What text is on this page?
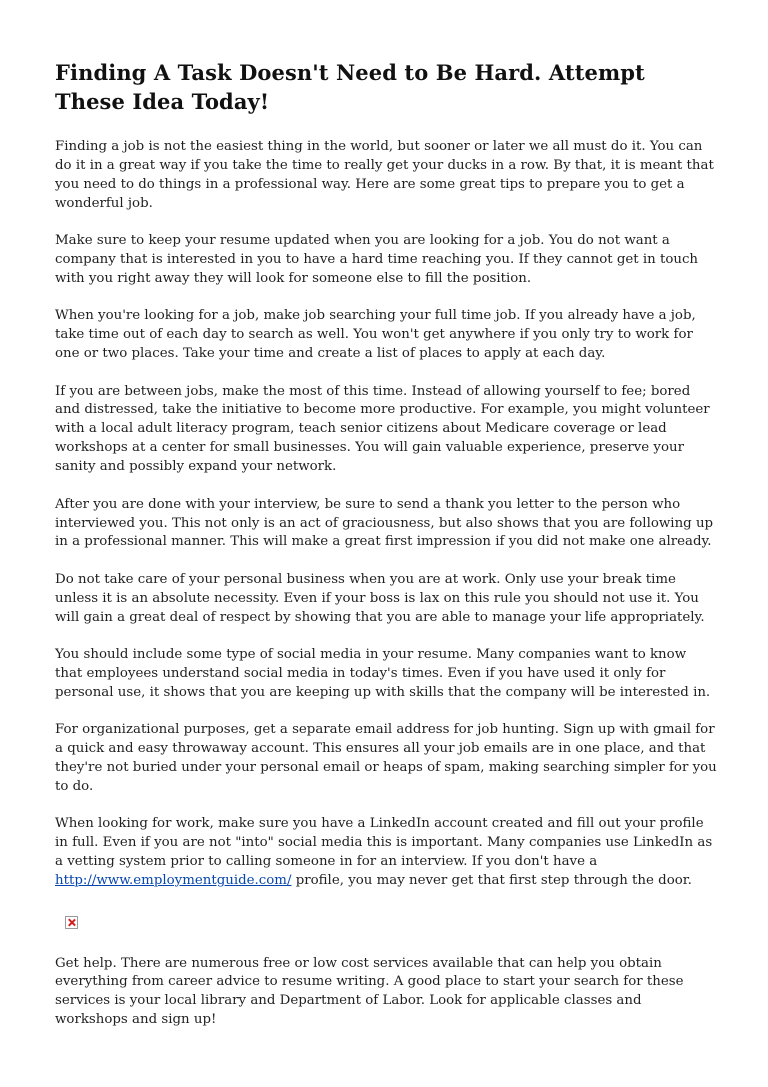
Finding A Task Doesn't Need to Be Hard. Attempt These Idea Today!

Finding a job is not the easiest thing in the world, but sooner or later we all must do it. You can do it in a great way if you take the time to really get your ducks in a row. By that, it is meant that you need to do things in a professional way. Here are some great tips to prepare you to get a wonderful job.

Make sure to keep your resume updated when you are looking for a job. You do not want a company that is interested in you to have a hard time reaching you. If they cannot get in touch with you right away they will look for someone else to fill the position.

When you're looking for a job, make job searching your full time job. If you already have a job, take time out of each day to search as well. You won't get anywhere if you only try to work for one or two places. Take your time and create a list of places to apply at each day.

If you are between jobs, make the most of this time. Instead of allowing yourself to fee; bored and distressed, take the initiative to become more productive. For example, you might volunteer with a local adult literacy program, teach senior citizens about Medicare coverage or lead workshops at a center for small businesses. You will gain valuable experience, preserve your sanity and possibly expand your network.

After you are done with your interview, be sure to send a thank you letter to the person who interviewed you. This not only is an act of graciousness, but also shows that you are following up in a professional manner. This will make a great first impression if you did not make one already.

Do not take care of your personal business when you are at work. Only use your break time unless it is an absolute necessity. Even if your boss is lax on this rule you should not use it. You will gain a great deal of respect by showing that you are able to manage your life appropriately.

You should include some type of social media in your resume. Many companies want to know that employees understand social media in today's times. Even if you have used it only for personal use, it shows that you are keeping up with skills that the company will be interested in.

For organizational purposes, get a separate email address for job hunting. Sign up with gmail for a quick and easy throwaway account. This ensures all your job emails are in one place, and that they're not buried under your personal email or heaps of spam, making searching simpler for you to do.

When looking for work, make sure you have a LinkedIn account created and fill out your profile in full. Even if you are not "into" social media this is important. Many companies use LinkedIn as a vetting system prior to calling someone in for an interview. If you don't have a http://www.employmentguide.com/ profile, you may never get that first step through the door.

Get help. There are numerous free or low cost services available that can help you obtain everything from career advice to resume writing. A good place to start your search for these services is your local library and Department of Labor. Look for applicable classes and workshops and sign up!
